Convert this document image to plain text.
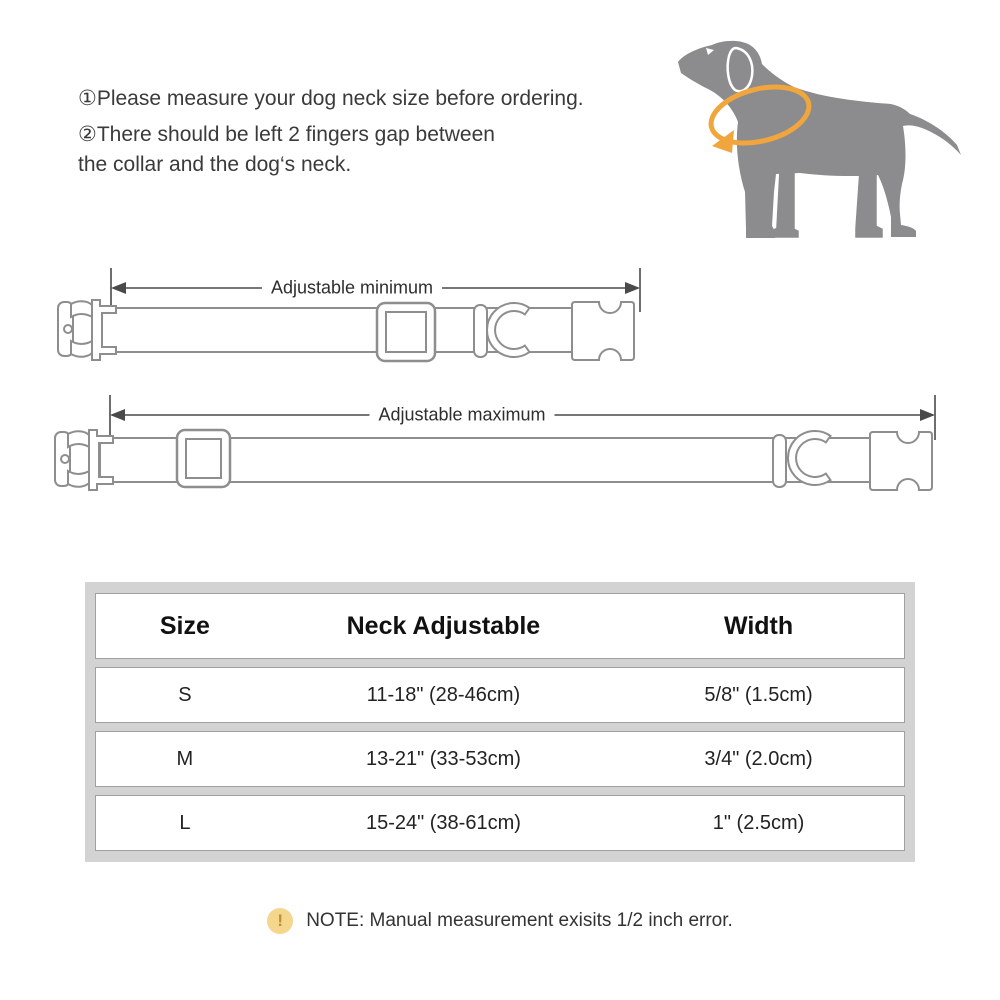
①Please measure your dog neck size before ordering.
②There should be left 2 fingers gap between
the collar and the dog‘s neck.
Adjustable minimum
Adjustable maximum
Size	Neck Adjustable	Width
S	11-18" (28-46cm)	5/8" (1.5cm)
M	13-21" (33-53cm)	3/4" (2.0cm)
L	15-24" (38-61cm)	1" (2.5cm)
!	NOTE: Manual measurement exisits 1/2 inch error.
